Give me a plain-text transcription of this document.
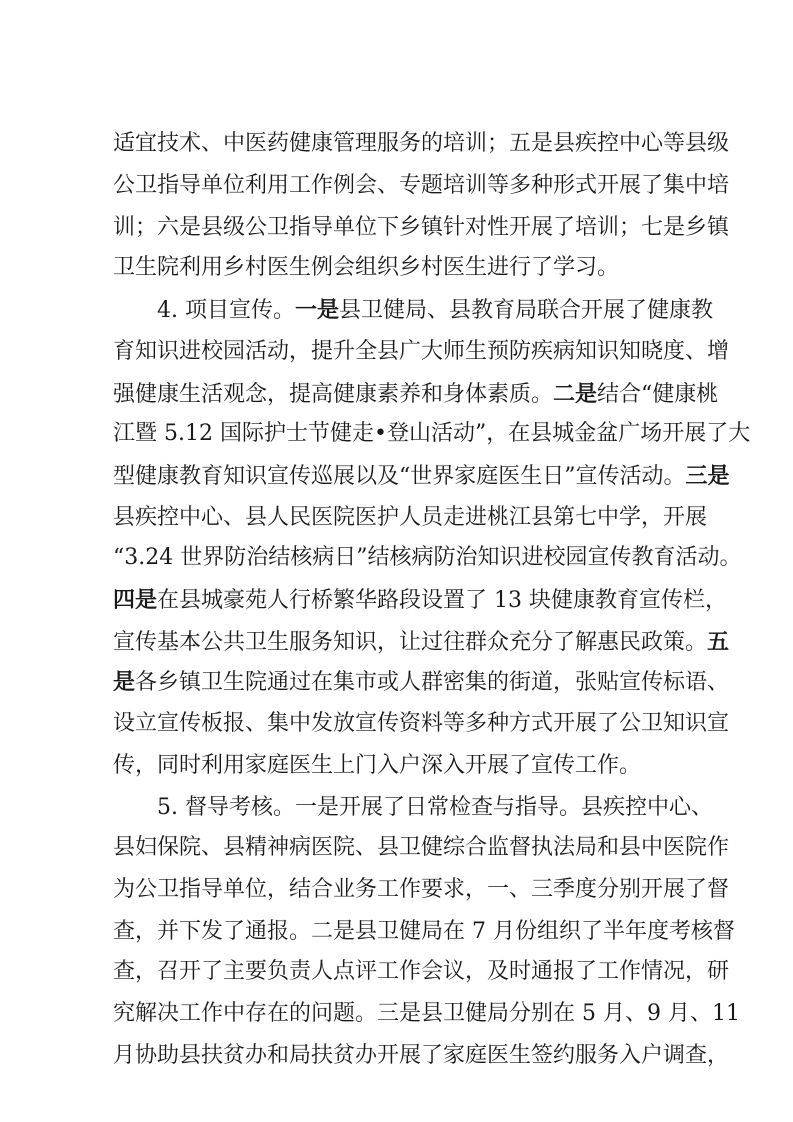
适宜技术、中医药健康管理服务的培训；五是县疾控中心等县级
公卫指导单位利用工作例会、专题培训等多种形式开展了集中培
训；六是县级公卫指导单位下乡镇针对性开展了培训；七是乡镇
卫生院利用乡村医生例会组织乡村医生进行了学习。
4. 项目宣传。一是县卫健局、县教育局联合开展了健康教
育知识进校园活动，提升全县广大师生预防疾病知识知晓度、增
强健康生活观念，提高健康素养和身体素质。二是结合“健康桃
江暨 5.12 国际护士节健走•登山活动”，在县城金盆广场开展了大
型健康教育知识宣传巡展以及“世界家庭医生日”宣传活动。三是
县疾控中心、县人民医院医护人员走进桃江县第七中学，开展
“3.24 世界防治结核病日”结核病防治知识进校园宣传教育活动。
四是在县城豪苑人行桥繁华路段设置了 13 块健康教育宣传栏，
宣传基本公共卫生服务知识，让过往群众充分了解惠民政策。五
是各乡镇卫生院通过在集市或人群密集的街道，张贴宣传标语、
设立宣传板报、集中发放宣传资料等多种方式开展了公卫知识宣
传，同时利用家庭医生上门入户深入开展了宣传工作。
5. 督导考核。一是开展了日常检查与指导。县疾控中心、
县妇保院、县精神病医院、县卫健综合监督执法局和县中医院作
为公卫指导单位，结合业务工作要求，一、三季度分别开展了督
查，并下发了通报。二是县卫健局在 7 月份组织了半年度考核督
查，召开了主要负责人点评工作会议，及时通报了工作情况，研
究解决工作中存在的问题。三是县卫健局分别在 5 月、9 月、11
月协助县扶贫办和局扶贫办开展了家庭医生签约服务入户调查，
